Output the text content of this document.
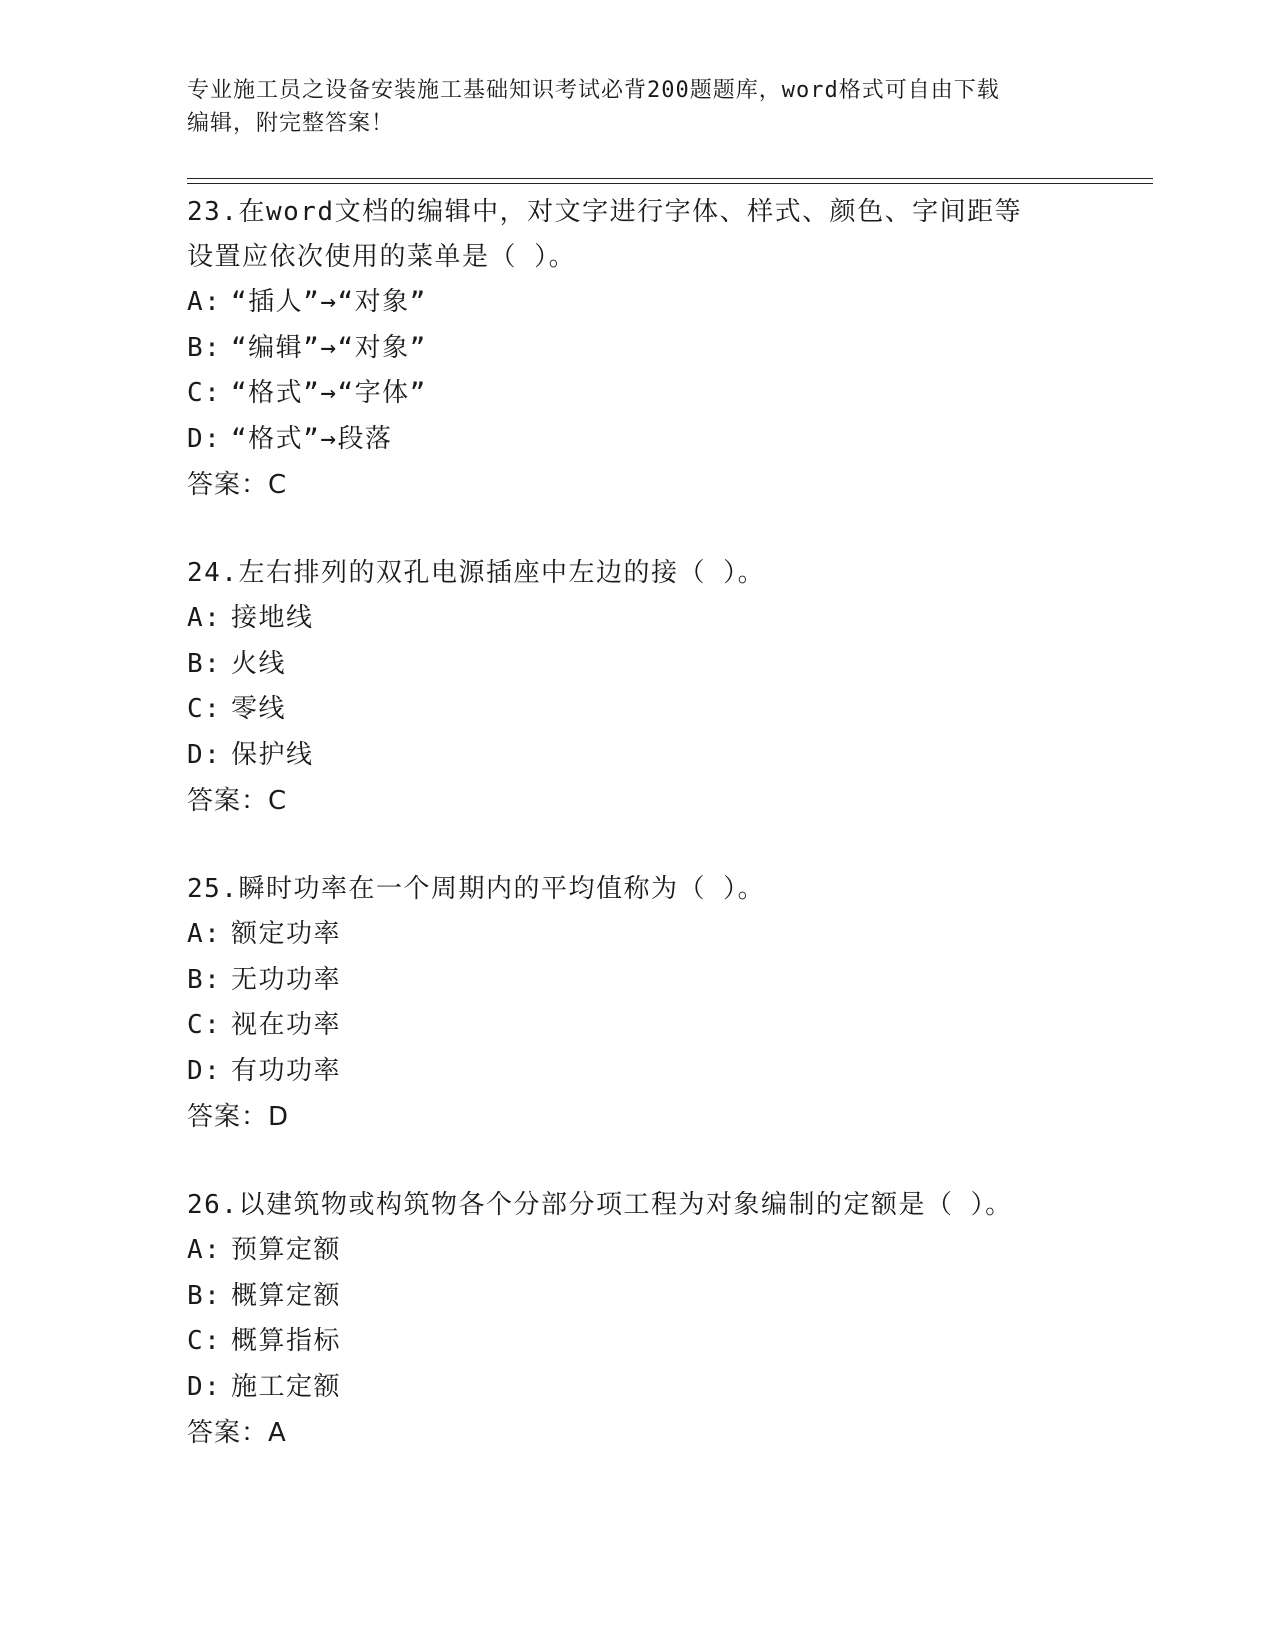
专业施工员之设备安装施工基础知识考试必背200题题库，word格式可自由下载
编辑，附完整答案！
23.在word文档的编辑中，对文字进行字体、样式、颜色、字间距等
设置应依次使用的菜单是（ ）。
A: “插人”→“对象”
B: “编辑”→“对象”
C: “格式”→“字体”
D: “格式”→段落
答案：C
24.左右排列的双孔电源插座中左边的接（ ）。
A: 接地线
B: 火线
C: 零线
D: 保护线
答案：C
25.瞬时功率在一个周期内的平均值称为（ ）。
A: 额定功率
B: 无功功率
C: 视在功率
D: 有功功率
答案：D
26.以建筑物或构筑物各个分部分项工程为对象编制的定额是（ ）。
A: 预算定额
B: 概算定额
C: 概算指标
D: 施工定额
答案：A
